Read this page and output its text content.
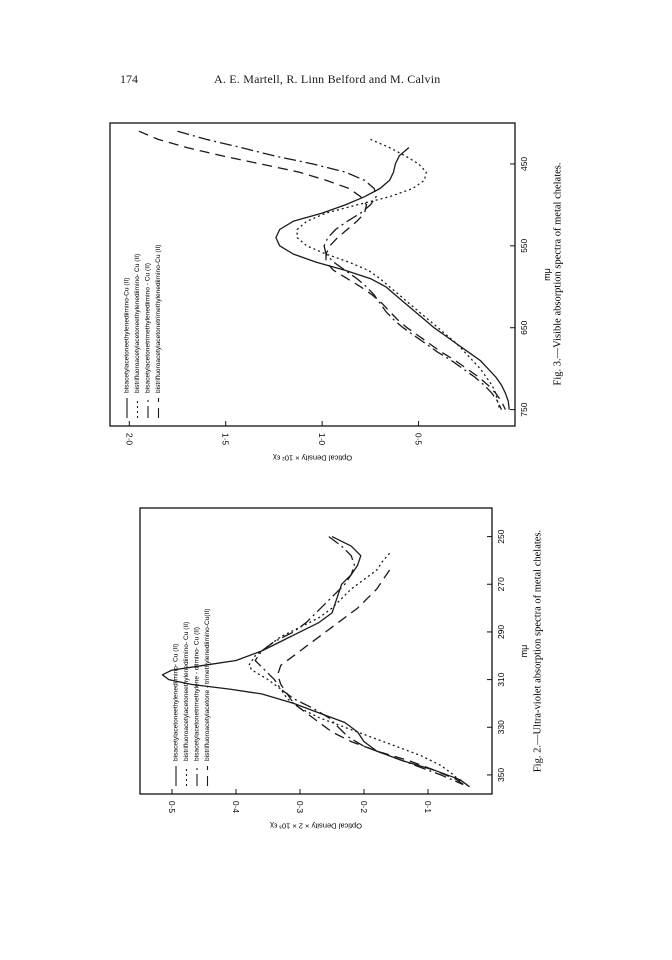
174	A. E. Martell, R. Linn Belford and M. Calvin
250
270
290
310
330
350
mμ
0·1
0·2
0·3
0·4
0·5
Optical Density × 2 × 10³ εχ
bisacetylacetoneethylenediimino- Cu (II) bistrifluoroacetylacetoneethylenediimino- Cu (II) bisacetylacetonetrimethylene - diimino- Cu (II) bistrifluoroacetylacetone - trimethylenediimino-Cu(II)	Fig. 2.—Ultra-violet absorption spectra of metal chelates.
450
550
650
750
mμ
0·5
1·0
1·5
2·0
Optical Density × 10² εχ
bisacetylacetoneethylenediimino-Cu (II) bistrifluoroacetylacetoneethylenediimino- Cu (II) bisacetylacetonetrimethylenediimino - Cu (II) bistrifluoroacetylacetonetrimethylenediimino-Cu (II)	Fig. 3.—Visible absorption spectra of metal chelates.
